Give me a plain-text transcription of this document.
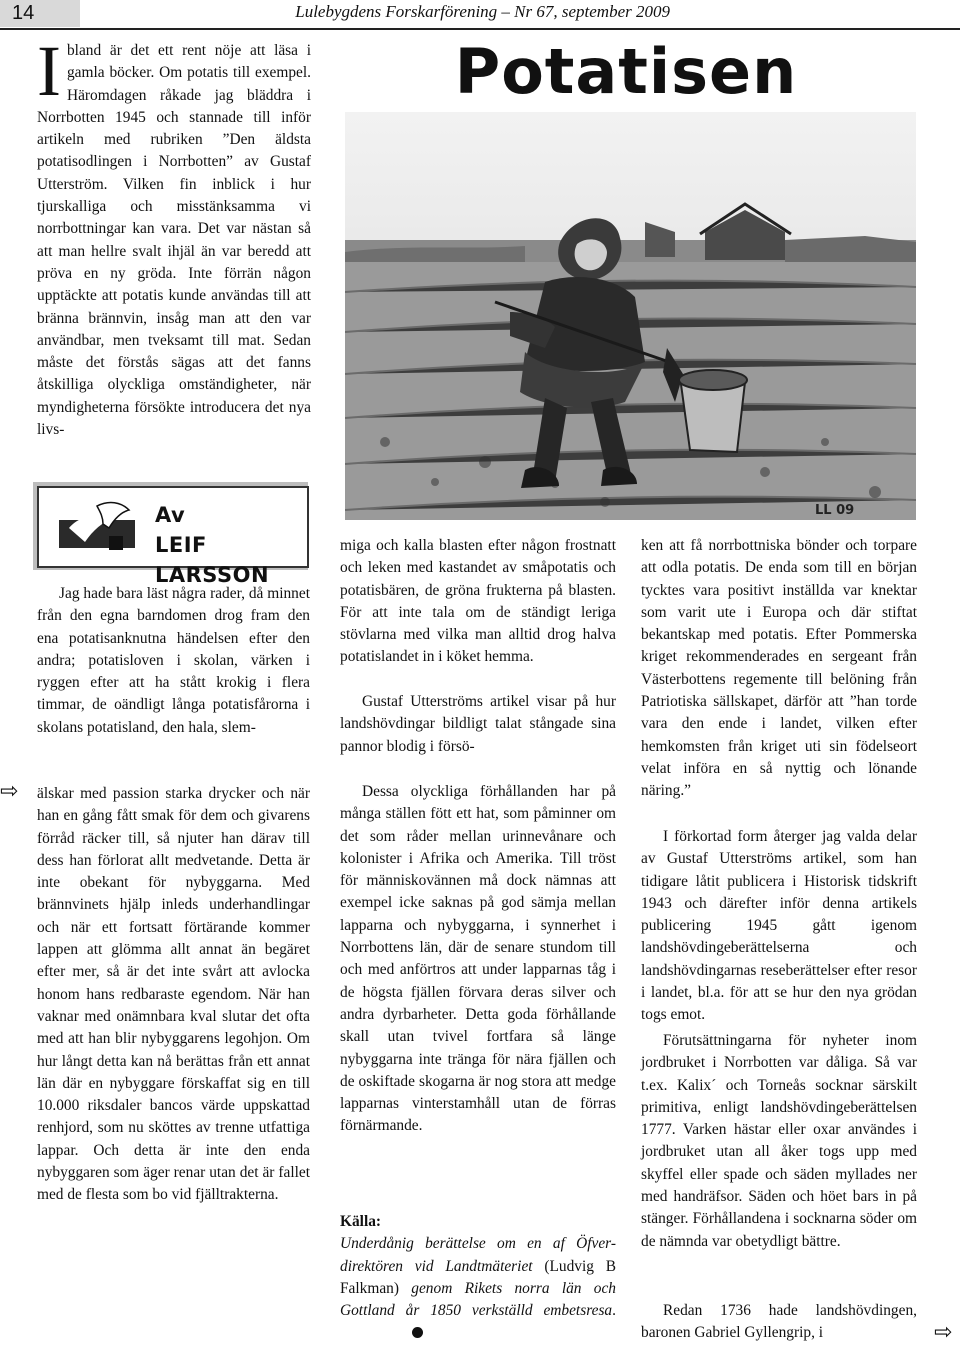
14	Lulebygdens Forskarförening – Nr 67, september 2009

Ibland är det ett rent nöje att läsa i gamla böcker. Om potatis till exempel. Häromdagen råkade jag bläddra i Norrbotten 1945 och stannade till inför artikeln med rubriken ”Den äldsta potatisodlingen i Norrbotten” av Gustaf Utterström. Vilken fin inblick i hur tjurskalliga och misstänksamma vi norrbottningar kan vara. Det var nästan så att man hellre svalt ihjäl än var beredd att pröva en ny gröda. Inte förrän någon upptäckte att potatis kunde användas till att bränna brännvin, insåg man att den var användbar, men tveksamt till mat. Sedan måste det förstås sägas att det fanns åtskilliga olyckliga omständigheter, när myndigheterna försökte introducera det nya livs-

Potatisen
LL 09
Av
LEIF LARSSON

Jag hade bara läst några rader, då minnet från den egna barndomen drog fram den ena potatisanknutna händelsen efter den andra; potatisloven i skolan, värken i ryggen efter att ha stått krokig i flera timmar, de oändligt långa potatisfårorna i skolans potatisland, den hala, slem-

⇨ älskar med passion starka drycker och när han en gång fått smak för dem och givarens förråd räcker till, så njuter han därav till dess han förlorat allt medvetande. Detta är inte obekant för nybyggarna. Med brännvinets hjälp inleds underhandlingar och när ett fortsatt förtärande kommer lappen att glömma allt annat än begäret efter mer, så är det inte svårt att avlocka honom hans redbaraste egendom. När han vaknar med onämnbara kval slutar det ofta med att han blir nybyggarens legohjon. Om hur långt detta kan nå berättas från ett annat län där en nybyggare förskaffat sig en till 10.000 riksdaler bancos värde uppskattad renhjord, som nu sköttes av trenne utfattiga lappar. Och detta är inte den enda nybyggaren som äger renar utan det är fallet med de flesta som bo vid fjälltrakterna.

miga och kalla blasten efter någon frostnatt och leken med kastandet av småpotatis och potatisbären, de gröna frukterna på blasten. För att inte tala om de ständigt leriga stövlarna med vilka man alltid drog halva potatislandet in i köket hemma.

Gustaf Utterströms artikel visar på hur landshövdingar bildligt talat stångade sina pannor blodig i försö-

Dessa olyckliga förhållanden har på många ställen fött ett hat, som påminner om det som råder mellan urinnevånare och kolonister i Afrika och Amerika. Till tröst för människovännen må dock nämnas att exempel icke saknas på god sämja mellan lapparna och nybyggarna, i synnerhet i Norrbottens län, där de senare stundom till och med anförtros att under lapparnas tåg i de högsta fjällen förvara deras silver och andra dyrbarheter. Detta goda förhållande skall utan tvivel fortfara så länge nybyggarna inte tränga för nära fjällen och de oskiftade skogarna är nog stora att medge lapparnas vinterstamhåll utan de förras förnärmande.

Källa:
Underdånig berättelse om en af Öfver-direktören vid Landtmäteriet (Ludvig B Falkman) genom Rikets norra län och Gottland år 1850 verkställd embetsresa.

ken att få norrbottniska bönder och torpare att odla potatis. De enda som till en början tycktes vara positivt inställda var knektar som varit ute i Europa och där stiftat bekantskap med potatis. Efter Pommerska kriget rekommenderades en sergeant från Västerbottens regemente till belöning från Patriotiska sällskapet, därför att ”han torde vara den ende i landet, vilken efter hemkomsten från kriget uti sin födelseort velat införa en så nyttig och lönande näring.”

I förkortad form återger jag valda delar av Gustaf Utterströms artikel, som han tidigare låtit publicera i Historisk tidskrift 1943 och därefter inför denna artikels publicering 1945 gått igenom landshövdingeberättelserna och landshövdingarnas reseberättelser efter resor i landet, bl.a. för att se hur den nya grödan togs emot.

Förutsättningarna för nyheter inom jordbruket i Norrbotten var dåliga. Så var t.ex. Kalix´ och Torneås socknar särskilt primitiva, enligt landshövdingeberättelsen 1777. Varken hästar eller oxar användes i jordbruket utan all åker togs upp med skyffel eller spade och säden myllades ner med handräfsor. Säden och höet bars in på stänger. Förhållandena i socknarna söder om de nämnda var obetydligt bättre.

Redan 1736 hade landshövdingen, baronen Gabriel Gyllengrip, i	⇨
